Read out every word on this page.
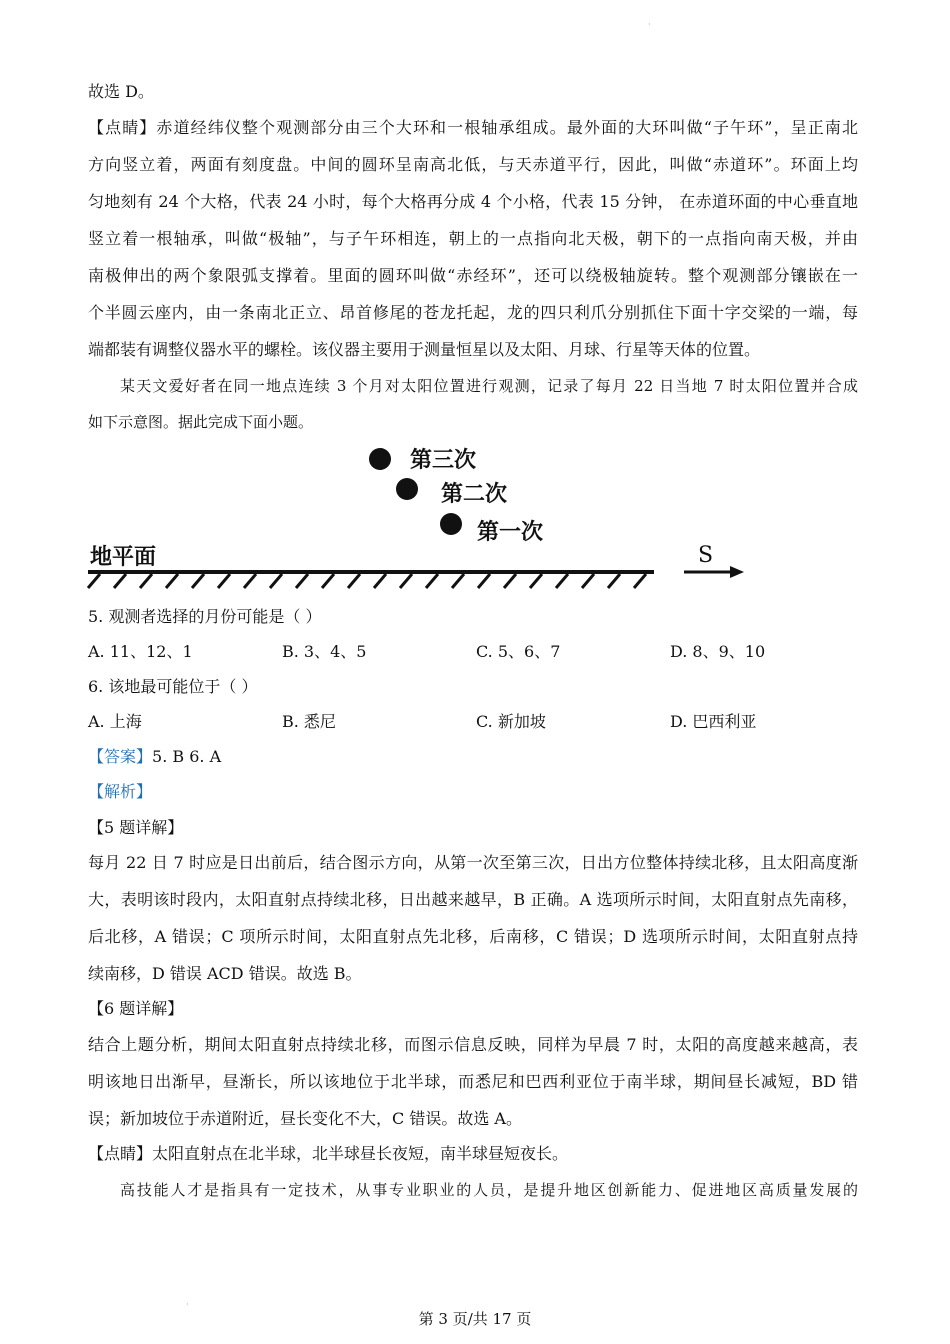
·
·
故选 D。
【点睛】赤道经纬仪整个观测部分由三个大环和一根轴承组成。最外面的大环叫做“子午环”，呈正南北
方向竖立着，两面有刻度盘。中间的圆环呈南高北低，与天赤道平行，因此，叫做“赤道环”。环面上均
匀地刻有 24 个大格，代表 24 小时，每个大格再分成 4 个小格，代表 15 分钟， 在赤道环面的中心垂直地
竖立着一根轴承，叫做“极轴”，与子午环相连，朝上的一点指向北天极，朝下的一点指向南天极，并由
南极伸出的两个象限弧支撑着。里面的圆环叫做“赤经环”，还可以绕极轴旋转。整个观测部分镶嵌在一
个半圆云座内，由一条南北正立、昂首修尾的苍龙托起，龙的四只利爪分别抓住下面十字交梁的一端，每
端都装有调整仪器水平的螺栓。该仪器主要用于测量恒星以及太阳、月球、行星等天体的位置。
某天文爱好者在同一地点连续 3 个月对太阳位置进行观测，记录了每月 22 日当地 7 时太阳位置并合成
如下示意图。据此完成下面小题。
第三次
第二次
第一次
地平面	S
5. 观测者选择的月份可能是（ ）
A. 11、12、1	B. 3、4、5	C. 5、6、7	D. 8、9、10
6. 该地最可能位于（ ）
A. 上海	B. 悉尼	C. 新加坡	D. 巴西利亚
【答案】5. B 6. A
【解析】
【5 题详解】
每月 22 日 7 时应是日出前后，结合图示方向，从第一次至第三次，日出方位整体持续北移，且太阳高度渐
大，表明该时段内，太阳直射点持续北移，日出越来越早，B 正确。A 选项所示时间，太阳直射点先南移，
后北移，A 错误；C 项所示时间，太阳直射点先北移，后南移，C 错误；D 选项所示时间，太阳直射点持
续南移，D 错误 ACD 错误。故选 B。
【6 题详解】
结合上题分析，期间太阳直射点持续北移，而图示信息反映，同样为早晨 7 时，太阳的高度越来越高，表
明该地日出渐早，昼渐长，所以该地位于北半球，而悉尼和巴西利亚位于南半球，期间昼长减短，BD 错
误；新加坡位于赤道附近，昼长变化不大，C 错误。故选 A。
【点睛】太阳直射点在北半球，北半球昼长夜短，南半球昼短夜长。
高技能人才是指具有一定技术，从事专业职业的人员，是提升地区创新能力、促进地区高质量发展的
第 3 页/共 17 页
